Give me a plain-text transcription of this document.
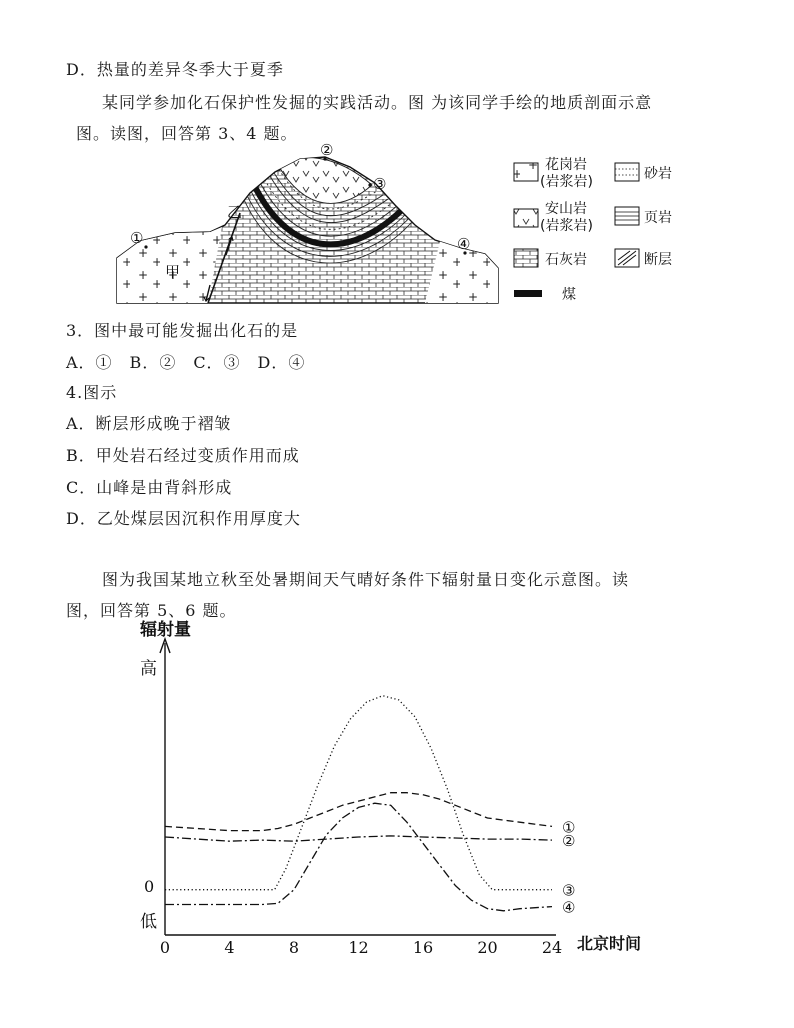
D．热量的差异冬季大于夏季
某同学参加化石保护性发掘的实践活动。图 为该同学手绘的地质剖面示意
图。读图，回答第 3、4 题。
①
②
③
④
甲
乙
花岗岩
(岩浆岩)	砂岩
安山岩
(岩浆岩)	页岩
石灰岩	断层
煤
3．图中最可能发掘出化石的是
A．①　B．②　C．③　D．④
4.图示
A．断层形成晚于褶皱
B．甲处岩石经过变质作用而成
C．山峰是由背斜形成
D．乙处煤层因沉积作用厚度大
图为我国某地立秋至处暑期间天气晴好条件下辐射量日变化示意图。读
图，回答第 5、6 题。
辐射量
高
0
低
北京时间
0	4	8	12	16	20	24
①
②
③
④
